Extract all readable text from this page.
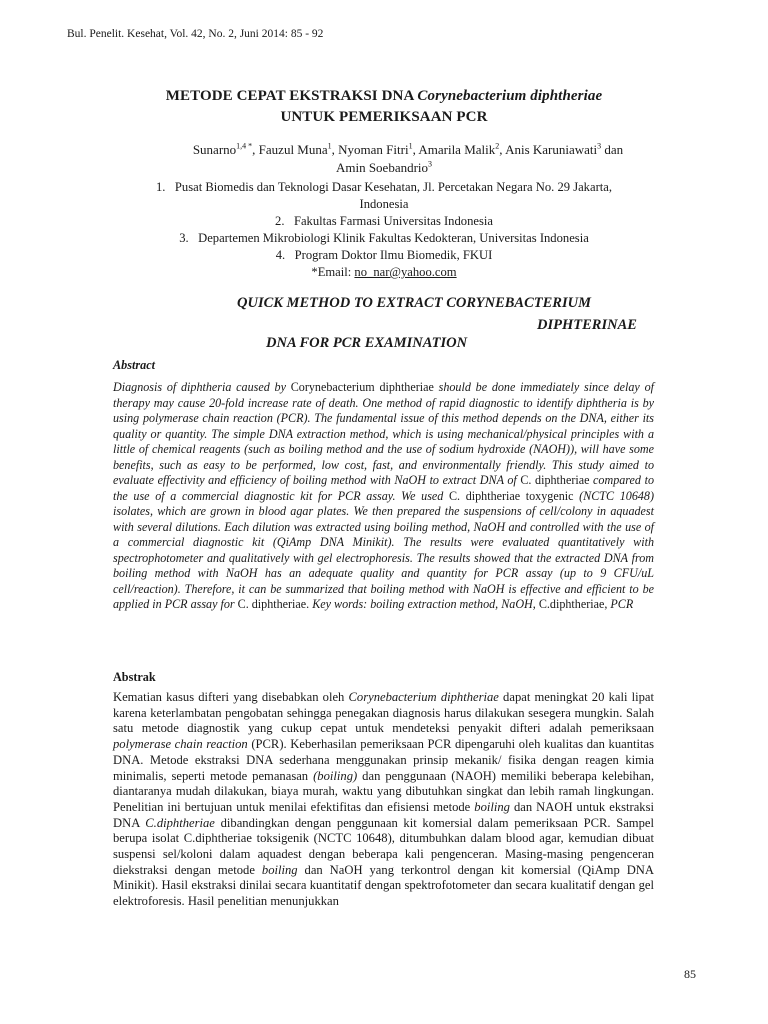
Bul. Penelit. Kesehat, Vol. 42, No. 2, Juni 2014: 85 - 92
METODE CEPAT EKSTRAKSI DNA Corynebacterium diphtheriae
UNTUK PEMERIKSAAN PCR
Sunarno$^{1,4 *}$, Fauzul Muna$^1$, Nyoman Fitri$^1$, Amarila Malik$^2$, Anis Karuniawati$^3$ dan
Amin Soebandrio$^3$
1. Pusat Biomedis dan Teknologi Dasar Kesehatan, Jl. Percetakan Negara No. 29 Jakarta,
Indonesia
2. Fakultas Farmasi Universitas Indonesia
3. Departemen Mikrobiologi Klinik Fakultas Kedokteran, Universitas Indonesia
4. Program Doktor Ilmu Biomedik, FKUI
*Email: no_nar@yahoo.com
QUICK METHOD TO EXTRACT CORYNEBACTERIUM
DIPHTERINAE
DNA FOR PCR EXAMINATION
Abstract
Diagnosis of diphtheria caused by Corynebacterium diphtheriae should be done immediately since delay of therapy may cause 20-fold increase rate of death. One method of rapid diagnostic to identify diphtheria is by using polymerase chain reaction (PCR). The fundamental issue of this method depends on the DNA, either its quality or quantity. The simple DNA extraction method, which is using mechanical/physical principles with a little of chemical reagents (such as boiling method and the use of sodium hydroxide (NAOH)), will have some benefits, such as easy to be performed, low cost, fast, and environmentally friendly. This study aimed to evaluate effectivity and efficiency of boiling method with NaOH to extract DNA of C. diphtheriae compared to the use of a commercial diagnostic kit for PCR assay. We used C. diphtheriae toxygenic (NCTC 10648) isolates, which are grown in blood agar plates. We then prepared the suspensions of cell/colony in aquadest with several dilutions. Each dilution was extracted using boiling method, NaOH and controlled with the use of a commercial diagnostic kit (QiAmp DNA Minikit). The results were evaluated quantitatively with spectrophotometer and qualitatively with gel electrophoresis. The results showed that the extracted DNA from boiling method with NaOH has an adequate quality and quantity for PCR assay (up to 9 CFU/uL cell/reaction). Therefore, it can be summarized that boiling method with NaOH is effective and efficient to be applied in PCR assay for C. diphtheriae. Key words: boiling extraction method, NaOH, C.diphtheriae, PCR
Abstrak
Kematian kasus difteri yang disebabkan oleh Corynebacterium diphtheriae dapat meningkat 20 kali lipat karena keterlambatan pengobatan sehingga penegakan diagnosis harus dilakukan sesegera mungkin. Salah satu metode diagnostik yang cukup cepat untuk mendeteksi penyakit difteri adalah pemeriksaan polymerase chain reaction (PCR). Keberhasilan pemeriksaan PCR dipengaruhi oleh kualitas dan kuantitas DNA. Metode ekstraksi DNA sederhana menggunakan prinsip mekanik/ fisika dengan reagen kimia minimalis, seperti metode pemanasan (boiling) dan penggunaan (NAOH) memiliki beberapa kelebihan, diantaranya mudah dilakukan, biaya murah, waktu yang dibutuhkan singkat dan lebih ramah lingkungan. Penelitian ini bertujuan untuk menilai efektifitas dan efisiensi metode boiling dan NAOH untuk ekstraksi DNA C.diphtheriae dibandingkan dengan penggunaan kit komersial dalam pemeriksaan PCR. Sampel berupa isolat C.diphtheriae toksigenik (NCTC 10648), ditumbuhkan dalam blood agar, kemudian dibuat suspensi sel/koloni dalam aquadest dengan beberapa kali pengenceran. Masing-masing pengenceran diekstraksi dengan metode boiling dan NaOH yang terkontrol dengan kit komersial (QiAmp DNA Minikit). Hasil ekstraksi dinilai secara kuantitatif dengan spektrofotometer dan secara kualitatif dengan gel elektroforesis. Hasil penelitian menunjukkan
85
